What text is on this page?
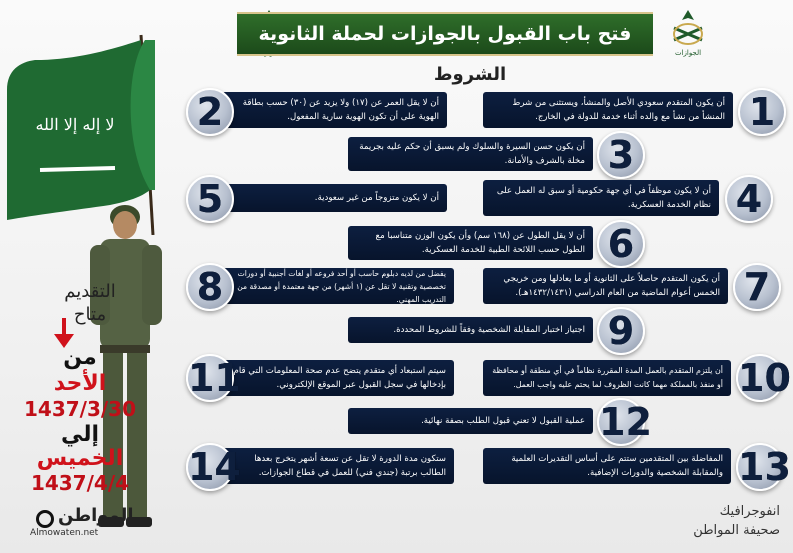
لا إله إلا الله
الجوازات
فتح باب القبول بالجوازات لحملة الثانوية
الشروط
التقديم
متاح
من
الأحد
1437/3/30
إلي
الخميس
1437/4/4
أن يكون المتقدم سعودي الأصل والمنشأ، ويستثنى من شرط المنشأ من نشأ مع والده أثناء خدمة للدولة في الخارج. 1
أن لا يقل العمر عن (١٧) ولا يزيد عن (٣٠) حسب بطاقة الهوية على أن تكون الهوية سارية المفعول.
2
أن يكون حسن السيرة والسلوك ولم يسبق أن حكم عليه بجريمة مخلة بالشرف والأمانة. 3
أن لا يكون موظفاً في أي جهة حكومية أو سبق له العمل على نظام الخدمة العسكرية. 4
أن لا يكون متزوجاً من غير سعودية.
5
أن لا يقل الطول عن (١٦٨ سم) وأن يكون الوزن متناسبا مع الطول حسب اللائحة الطبية للخدمة العسكرية. 6
أن يكون المتقدم حاصلاً على الثانوية أو ما يعادلها ومن خريجي الخمس أعوام الماضية من العام الدراسي (١٤٣٢/١٤٣١هـ). 7
يفضل من لديه دبلوم حاسب أو أحد فروعه أو لغات أجنبية أو دورات تخصصية وتقنية لا تقل عن (١ أشهر) من جهة معتمدة أو مصدقة من التدريب المهني.
8
اجتياز اختبار المقابلة الشخصية وفقاً للشروط المحددة. 9
أن يلتزم المتقدم بالعمل المدة المقررة نظاماً في أي منطقة أو محافظة أو منفذ بالمملكة مهما كانت الظروف لما يحتم عليه واجب العمل. 10
سيتم استبعاد أي متقدم يتضح عدم صحة المعلومات التي قام بإدخالها في سجل القبول عبر الموقع الإلكتروني.
11
عملية القبول لا تعني قبول الطلب بصفة نهائية. 12
المفاضلة بين المتقدمين ستتم على أساس التقديرات العلمية والمقابلة الشخصية والدورات الإضافية. 13
ستكون مدة الدورة لا تقل عن تسعة أشهر يتخرج بعدها الطالب برتبة (جندي فني) للعمل في قطاع الجوازات.
14
المواطن
Almowaten.net
انفوجرافيك
صحيفة المواطن
